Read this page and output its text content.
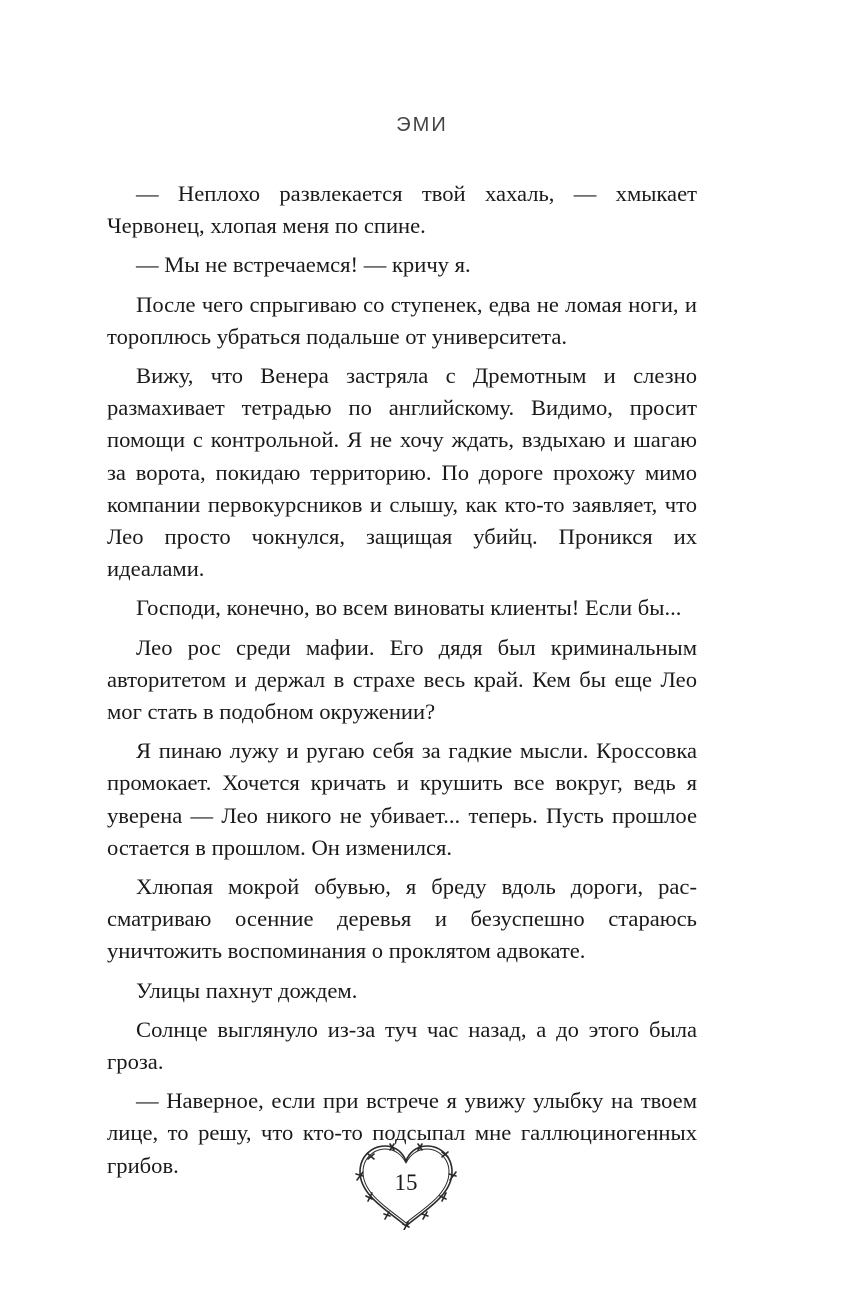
ЭМИ

— Неплохо развлекается твой хахаль, — хмыкает Червонец, хлопая меня по спине.

— Мы не встречаемся! — кричу я.

После чего спрыгиваю со ступенек, едва не ломая ноги, и тороплюсь убраться подальше от университета.

Вижу, что Венера застряла с Дремотным и слезно размахивает тетрадью по английскому. Видимо, просит помощи с контрольной. Я не хочу ждать, вздыхаю и шагаю за ворота, покидаю территорию. По дороге прохожу мимо компании первокурсников и слышу, как кто-то заявляет, что Лео просто чокнулся, защищая убийц. Проникся их идеалами.

Господи, конечно, во всем виноваты клиенты! Если бы...

Лео рос среди мафии. Его дядя был криминальным авторитетом и держал в страхе весь край. Кем бы еще Лео мог стать в подобном окружении?

Я пинаю лужу и ругаю себя за гадкие мысли. Кроссовка промокает. Хочется кричать и крушить все вокруг, ведь я уверена — Лео никого не убивает... теперь. Пусть прошлое остается в прошлом. Он изменился.

Хлюпая мокрой обувью, я бреду вдоль дороги, рассматриваю осенние деревья и безуспешно стараюсь уничтожить воспоминания о проклятом адвокате.

Улицы пахнут дождем.

Солнце выглянуло из-за туч час назад, а до этого была гроза.

— Наверное, если при встрече я увижу улыбку на твоем лице, то решу, что кто-то подсыпал мне галлюциногенных грибов.

15
